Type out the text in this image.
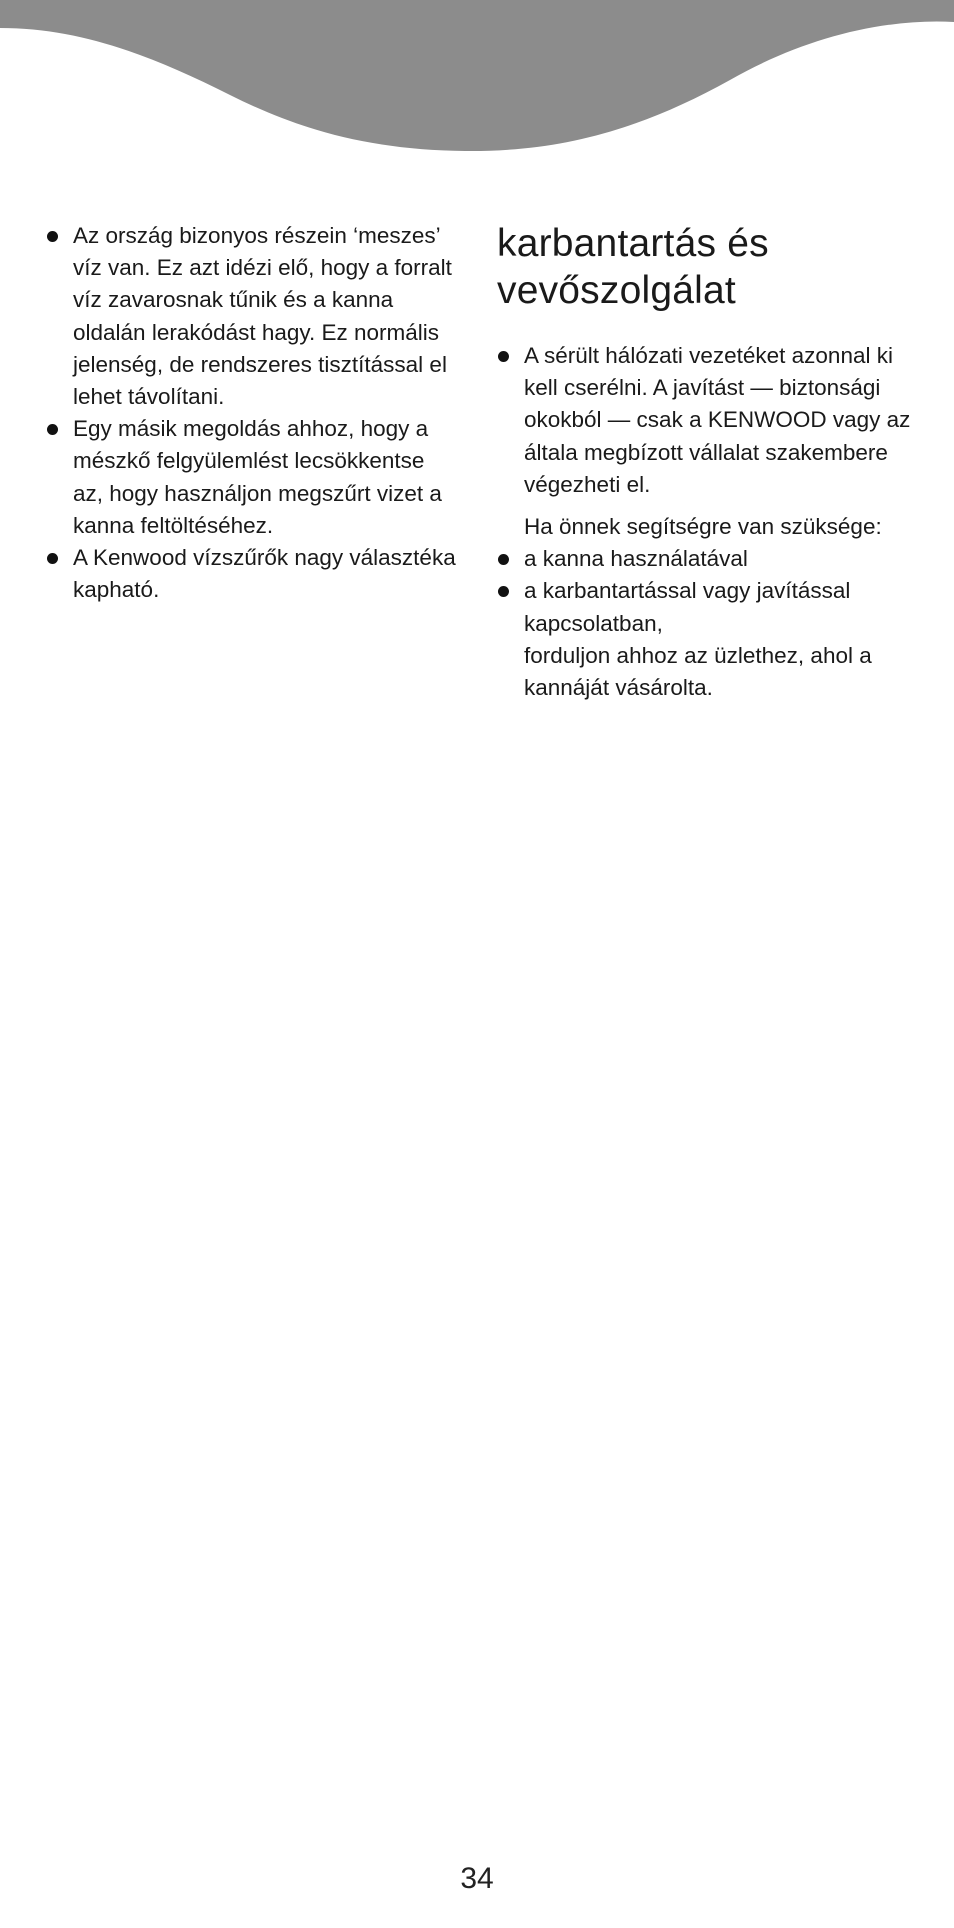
Az ország bizonyos részein ‘meszes’ víz van. Ez azt idézi elő, hogy a forralt víz zavarosnak tűnik és a kanna oldalán lerakódást hagy. Ez normális jelenség, de rendszeres tisztítással el lehet távolítani.
Egy másik megoldás ahhoz, hogy a mészkő felgyülemlést lecsökkentse az, hogy használjon megszűrt vizet a kanna feltöltéséhez.
A Kenwood vízszűrők nagy választéka kapható.
karbantartás és
vevőszolgálat
A sérült hálózati vezetéket azonnal ki kell cserélni. A javítást — biztonsági okokból — csak a KENWOOD vagy az általa megbízott vállalat szakembere végezheti el.
Ha önnek segítségre van szüksége:
a kanna használatával
a karbantartással vagy javítással kapcsolatban,
forduljon ahhoz az üzlethez, ahol a kannáját vásárolta.
34
